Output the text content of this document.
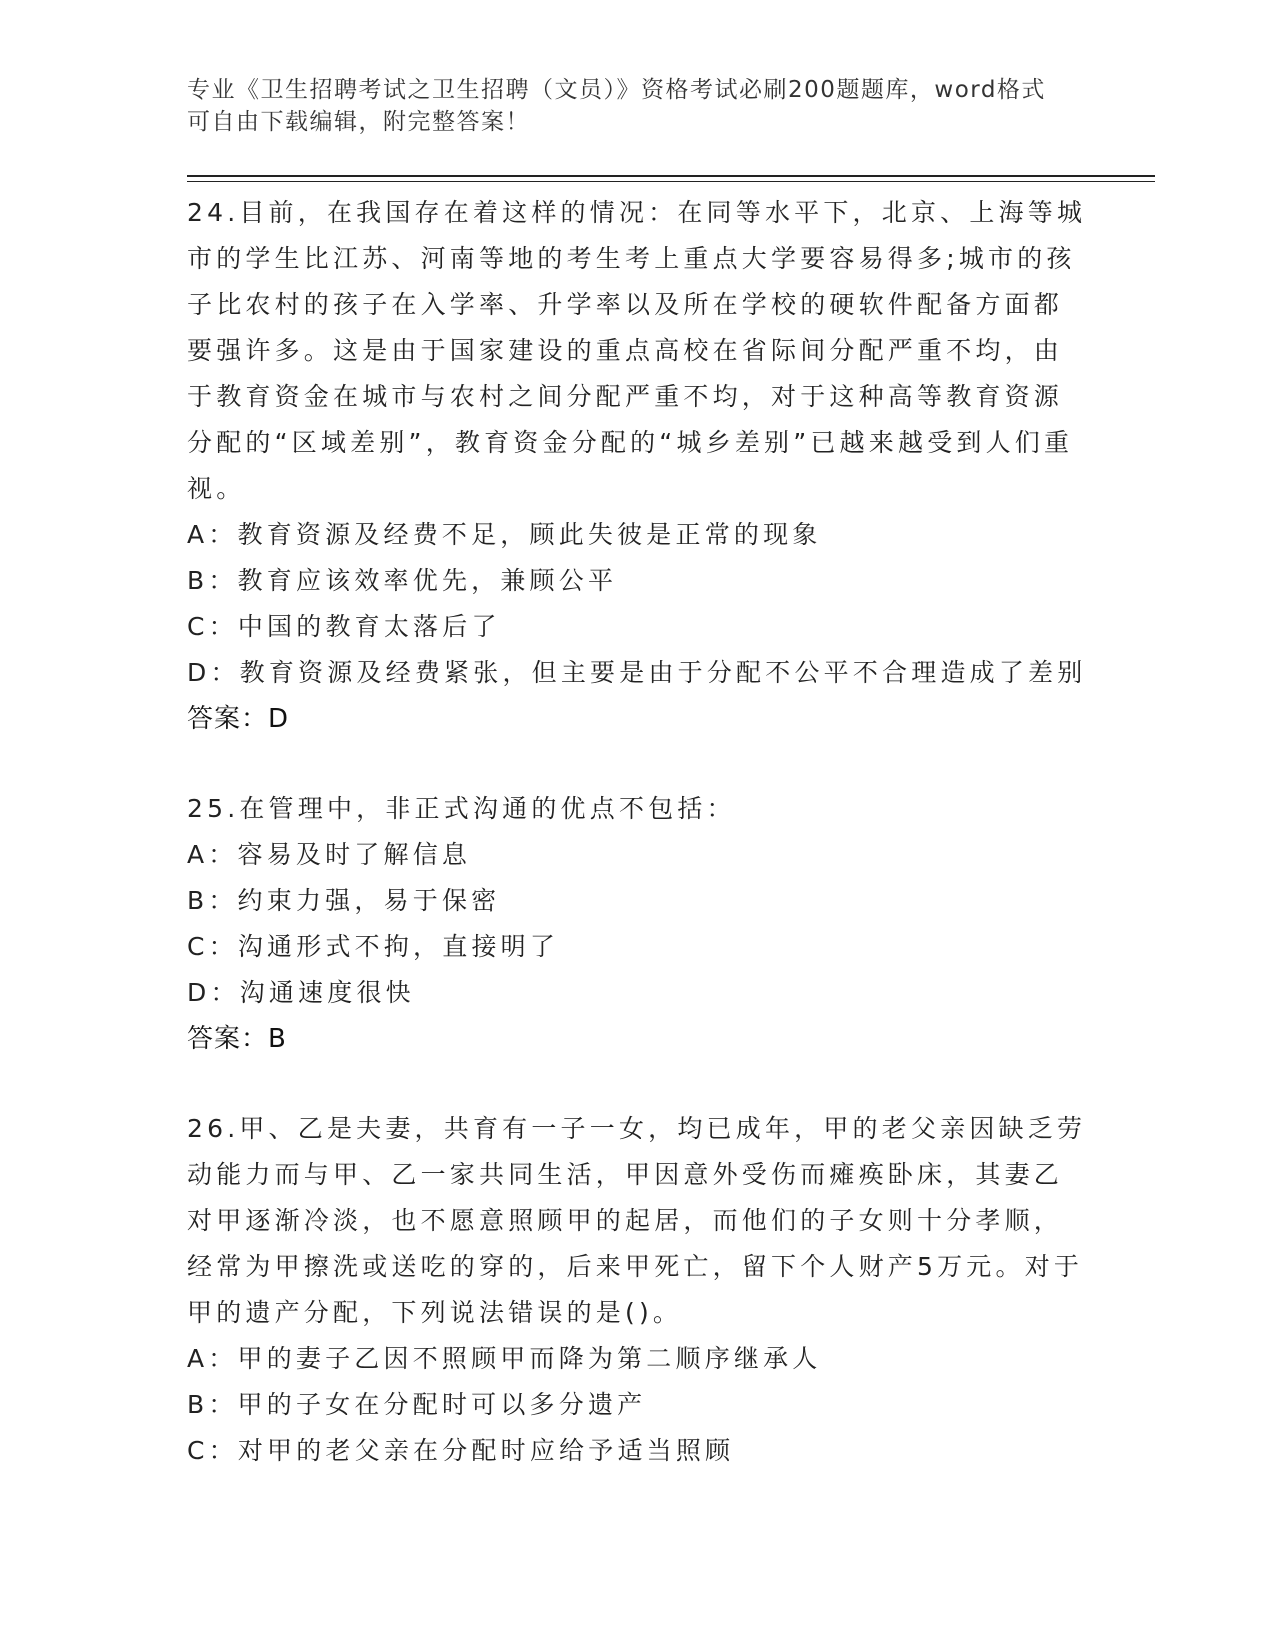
专业《卫生招聘考试之卫生招聘（文员）》资格考试必刷200题题库，word格式
可自由下载编辑，附完整答案！

24.目前，在我国存在着这样的情况：在同等水平下，北京、上海等城市的学生比江苏、河南等地的考生考上重点大学要容易得多;城市的孩子比农村的孩子在入学率、升学率以及所在学校的硬软件配备方面都要强许多。这是由于国家建设的重点高校在省际间分配严重不均，由于教育资金在城市与农村之间分配严重不均，对于这种高等教育资源分配的“区域差别”，教育资金分配的“城乡差别”已越来越受到人们重视。

A：教育资源及经费不足，顾此失彼是正常的现象

B：教育应该效率优先，兼顾公平

C：中国的教育太落后了

D：教育资源及经费紧张，但主要是由于分配不公平不合理造成了差别

答案：D

25.在管理中，非正式沟通的优点不包括：

A：容易及时了解信息

B：约束力强，易于保密

C：沟通形式不拘，直接明了

D：沟通速度很快

答案：B

26.甲、乙是夫妻，共育有一子一女，均已成年，甲的老父亲因缺乏劳动能力而与甲、乙一家共同生活，甲因意外受伤而瘫痪卧床，其妻乙对甲逐渐冷淡，也不愿意照顾甲的起居，而他们的子女则十分孝顺，经常为甲擦洗或送吃的穿的，后来甲死亡，留下个人财产5万元。对于甲的遗产分配，下列说法错误的是()。

A：甲的妻子乙因不照顾甲而降为第二顺序继承人

B：甲的子女在分配时可以多分遗产

C：对甲的老父亲在分配时应给予适当照顾
